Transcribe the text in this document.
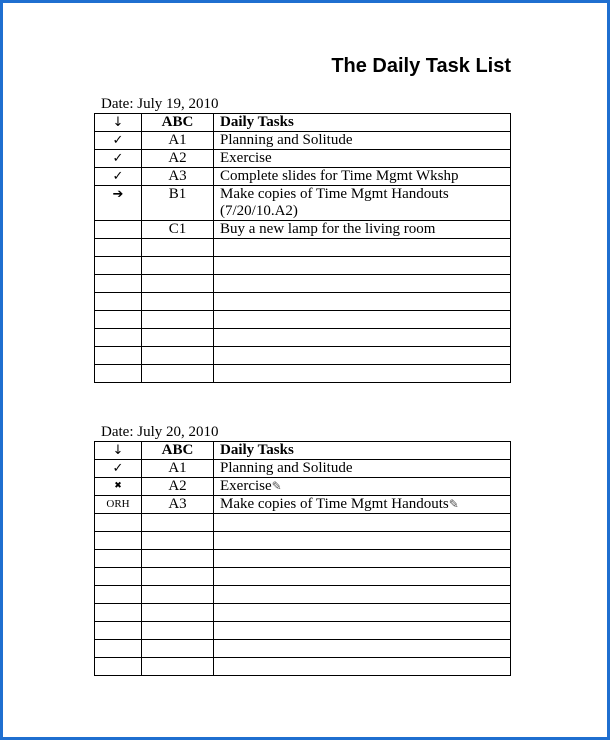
The Daily Task List
Date: July 19, 2010
↓	ABC	Daily Tasks
✓	A1	Planning and Solitude
✓	A2	Exercise
✓	A3	Complete slides for Time Mgmt Wkshp
➔	B1	Make copies of Time Mgmt Handouts (7/20/10.A2)
	C1	Buy a new lamp for the living room

Date: July 20, 2010
↓	ABC	Daily Tasks
✓	A1	Planning and Solitude
✖	A2	Exercise✎
ORH	A3	Make copies of Time Mgmt Handouts✎
